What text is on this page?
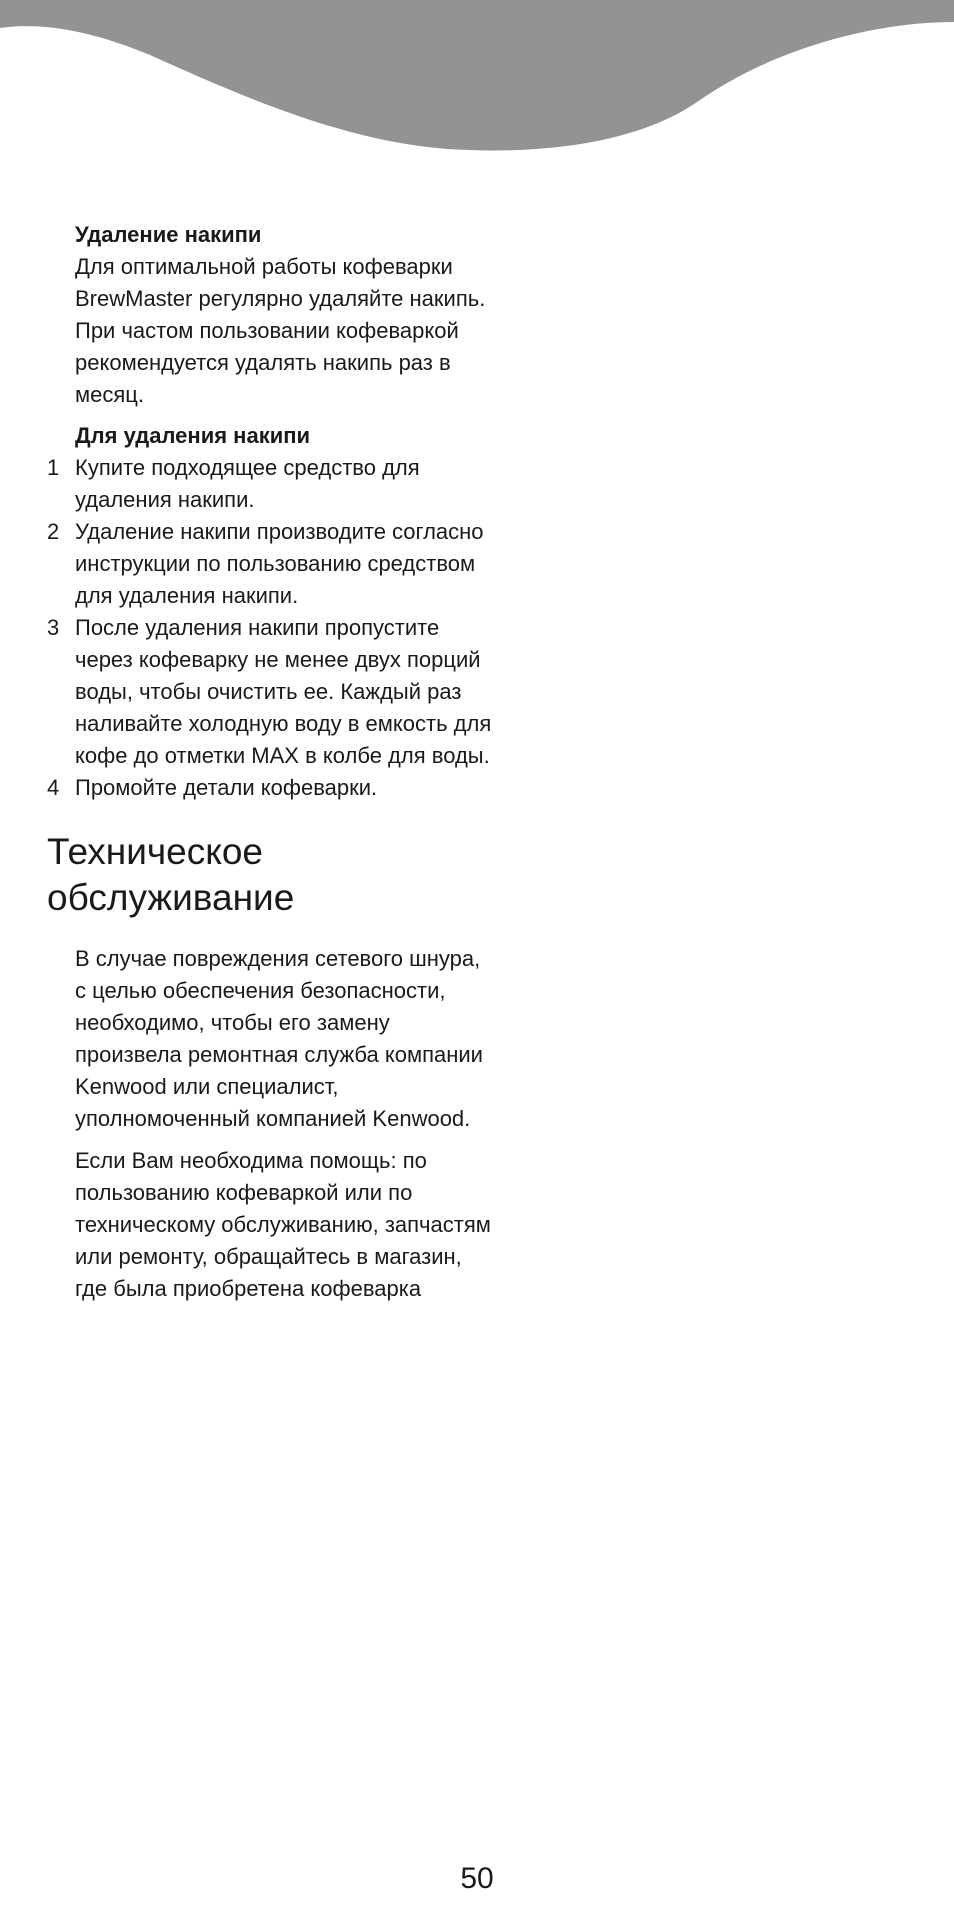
Удаление накипи

Для оптимальной работы кофеварки BrewMaster регулярно удаляйте накипь. При частом пользовании кофеваркой рекомендуется удалять накипь раз в месяц.

Для удаления накипи
1 Купите подходящее средство для удаления накипи.
2 Удаление накипи производите согласно инструкции по пользованию средством для удаления накипи.
3 После удаления накипи пропустите через кофеварку не менее двух порций воды, чтобы очистить ее. Каждый раз наливайте холодную воду в емкость для кофе до отметки MAX в колбе для воды.
4 Промойте детали кофеварки.
Техническое обслуживание

В случае повреждения сетевого шнура, с целью обеспечения безопасности, необходимо, чтобы его замену произвела ремонтная служба компании Kenwood или специалист, уполномоченный компанией Kenwood.

Если Вам необходима помощь: по пользованию кофеваркой или по техническому обслуживанию, запчастям или ремонту, обращайтесь в магазин, где была приобретена кофеварка

50
